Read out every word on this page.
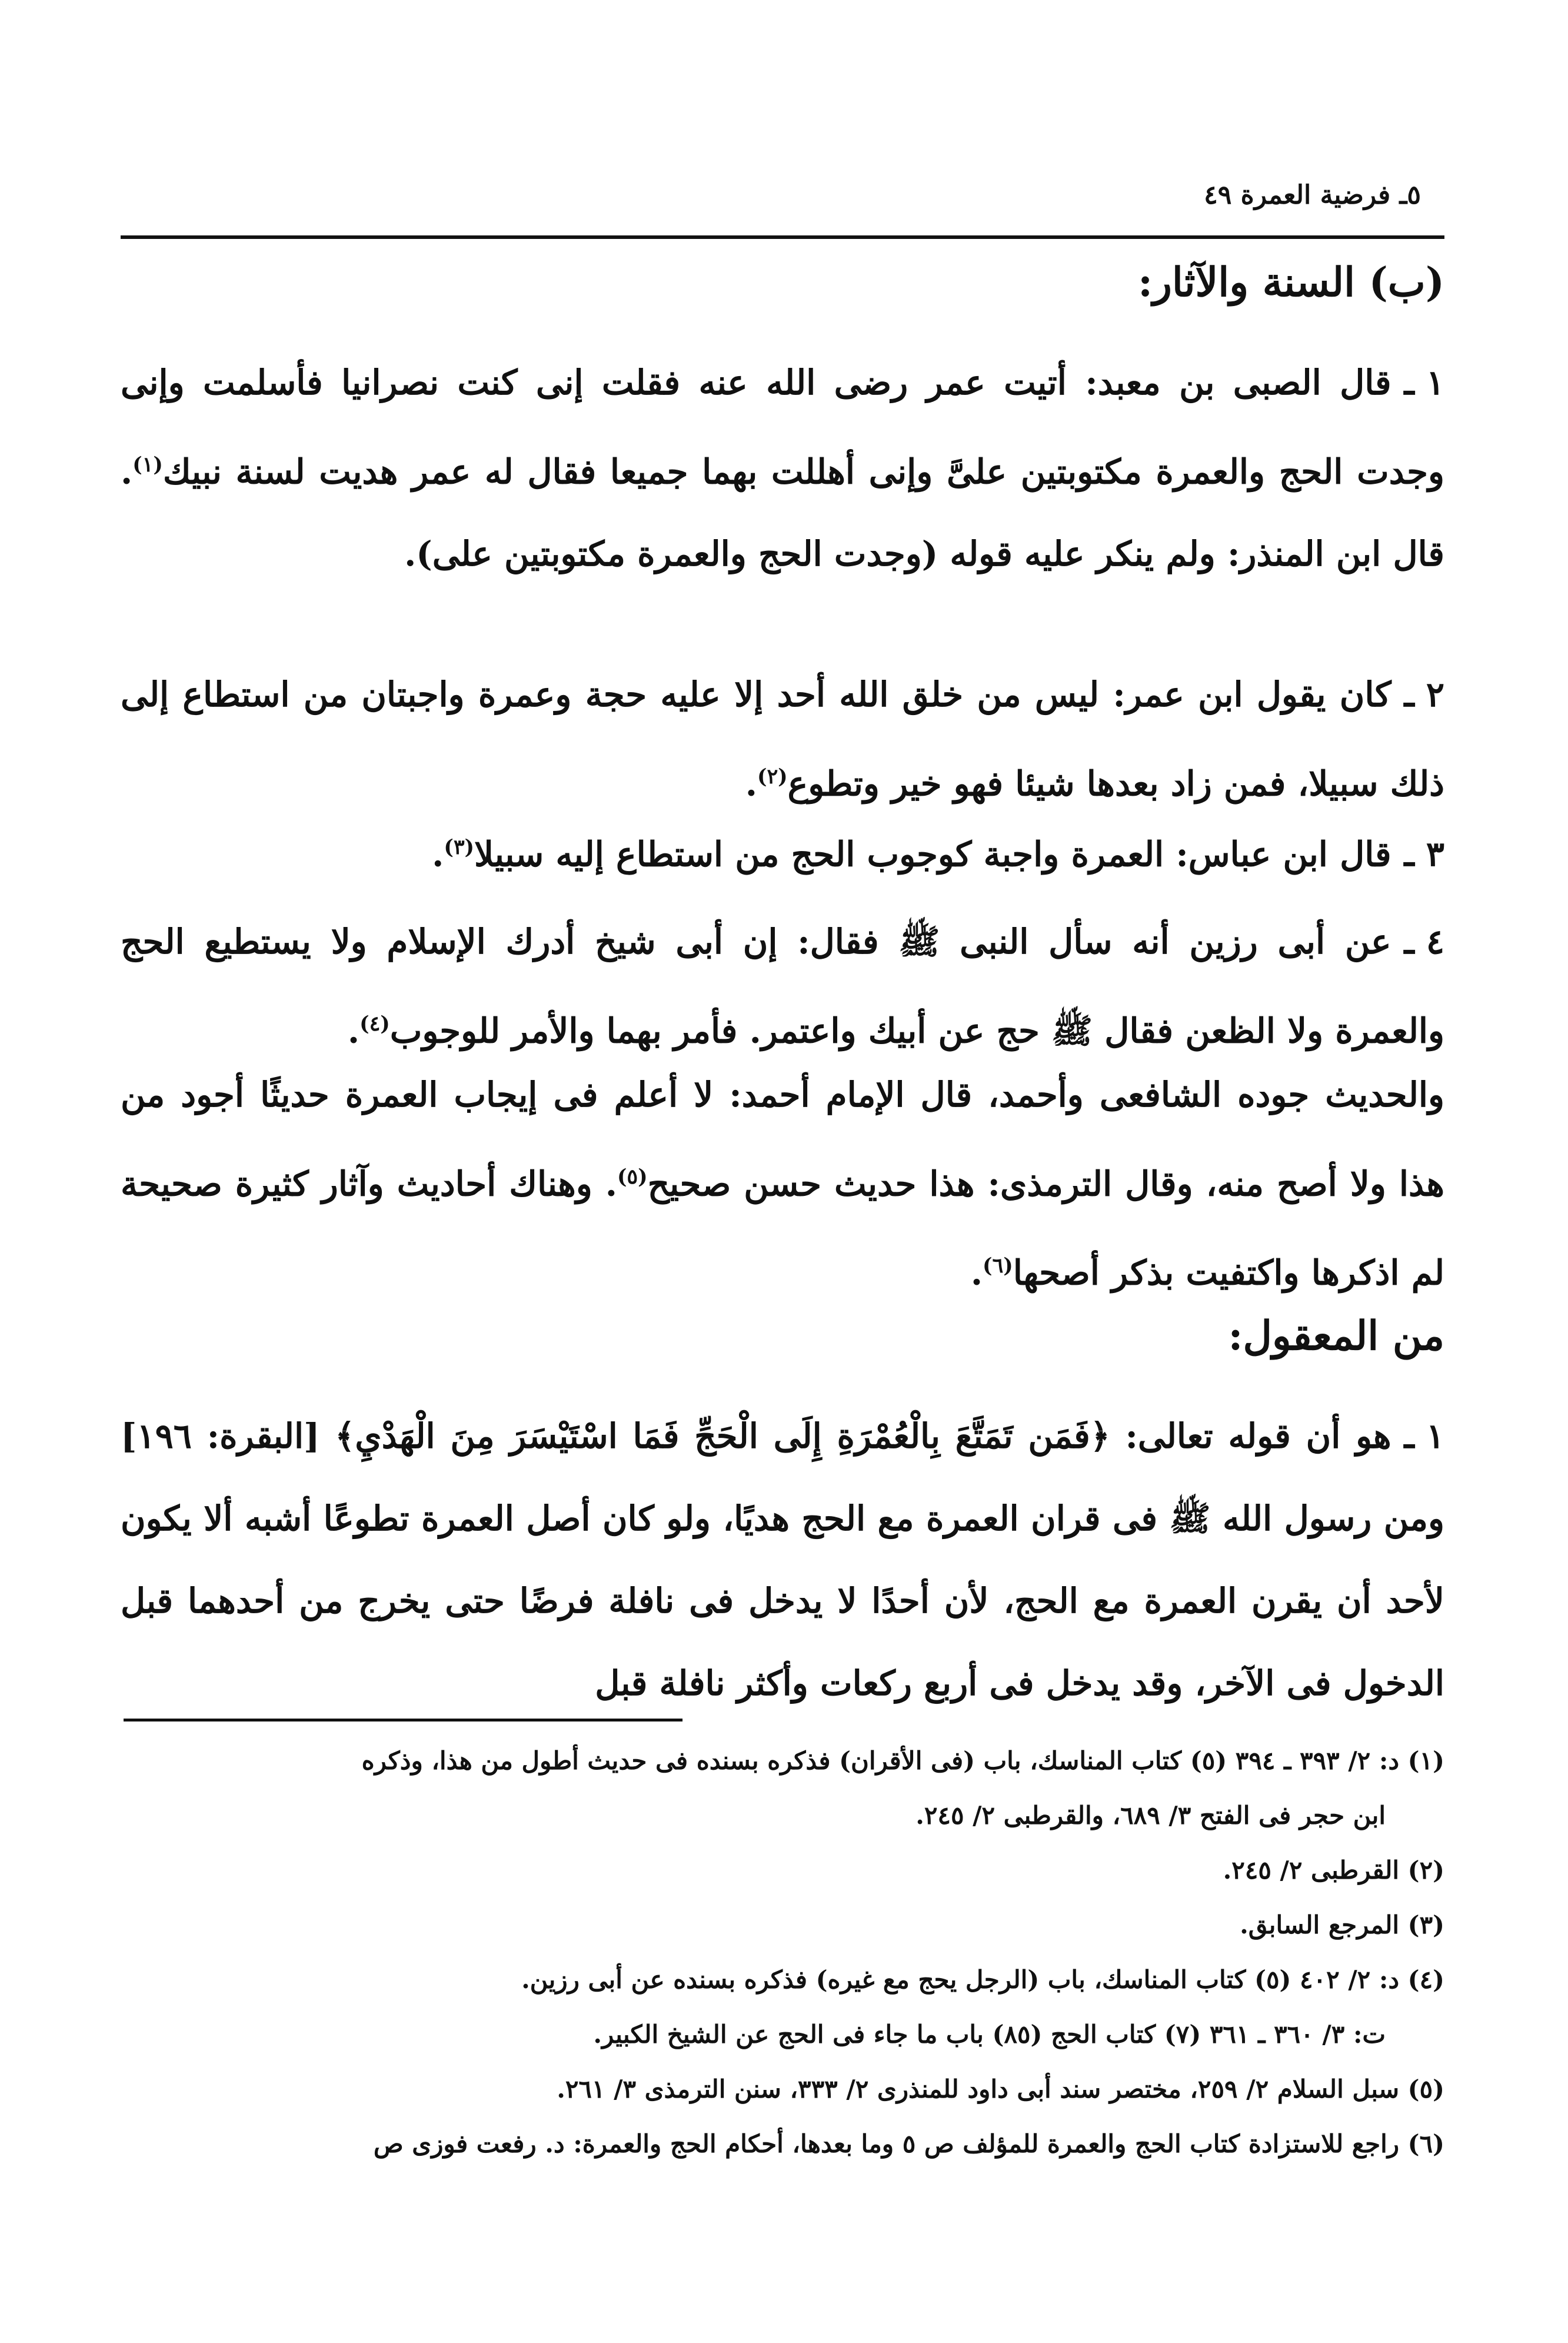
٥ـ فرضية العمرة ٤٩
(ب) السنة والآثار:
١ ـقال الصبى بن معبد: أتيت عمر رضى الله عنه فقلت إنى كنت نصرانيا فأسلمت وإنى وجدت الحج والعمرة مكتوبتين علىَّ وإنى أهللت بهما جميعا فقال له عمر هديت لسنة نبيك$^{(١)}$. قال ابن المنذر: ولم ينكر عليه قوله (وجدت الحج والعمرة مكتوبتين على).
٢ ـكان يقول ابن عمر: ليس من خلق الله أحد إلا عليه حجة وعمرة واجبتان من استطاع إلى ذلك سبيلا، فمن زاد بعدها شيئا فهو خير وتطوع$^{(٢)}$.
٣ ـقال ابن عباس: العمرة واجبة كوجوب الحج من استطاع إليه سبيلا$^{(٣)}$.
٤ ـعن أبى رزين أنه سأل النبى ﷺ فقال: إن أبى شيخ أدرك الإسلام ولا يستطيع الحج والعمرة ولا الظعن فقال ﷺ حج عن أبيك واعتمر. فأمر بهما والأمر للوجوب$^{(٤)}$.
والحديث جوده الشافعى وأحمد، قال الإمام أحمد: لا أعلم فى إيجاب العمرة حديثًا أجود من هذا ولا أصح منه، وقال الترمذى: هذا حديث حسن صحيح$^{(٥)}$. وهناك أحاديث وآثار كثيرة صحيحة لم اذكرها واكتفيت بذكر أصحها$^{(٦)}$.
من المعقول:
١ ـهو أن قوله تعالى: ﴿فَمَن تَمَتَّعَ بِالْعُمْرَةِ إِلَى الْحَجِّ فَمَا اسْتَيْسَرَ مِنَ الْهَدْيِ﴾ [البقرة: ١٩٦] ومن رسول الله ﷺ فى قران العمرة مع الحج هديًا، ولو كان أصل العمرة تطوعًا أشبه ألا يكون لأحد أن يقرن العمرة مع الحج، لأن أحدًا لا يدخل فى نافلة فرضًا حتى يخرج من أحدهما قبل الدخول فى الآخر، وقد يدخل فى أربع ركعات وأكثر نافلة قبل
(١) د: ٢/ ٣٩٣ ـ ٣٩٤ (٥) كتاب المناسك، باب (فى الأقران) فذكره بسنده فى حديث أطول من هذا، وذكره
ابن حجر فى الفتح ٣/ ٦٨٩، والقرطبى ٢/ ٢٤٥.
(٢) القرطبى ٢/ ٢٤٥.
(٣) المرجع السابق.
(٤) د: ٢/ ٤٠٢ (٥) كتاب المناسك، باب (الرجل يحج مع غيره) فذكره بسنده عن أبى رزين.
ت: ٣/ ٣٦٠ ـ ٣٦١ (٧) كتاب الحج (٨٥) باب ما جاء فى الحج عن الشيخ الكبير.
(٥) سبل السلام ٢/ ٢٥٩، مختصر سند أبى داود للمنذرى ٢/ ٣٣٣، سنن الترمذى ٣/ ٢٦١.
(٦) راجع للاستزادة كتاب الحج والعمرة للمؤلف ص ٥ وما بعدها، أحكام الحج والعمرة: د. رفعت فوزى ص
